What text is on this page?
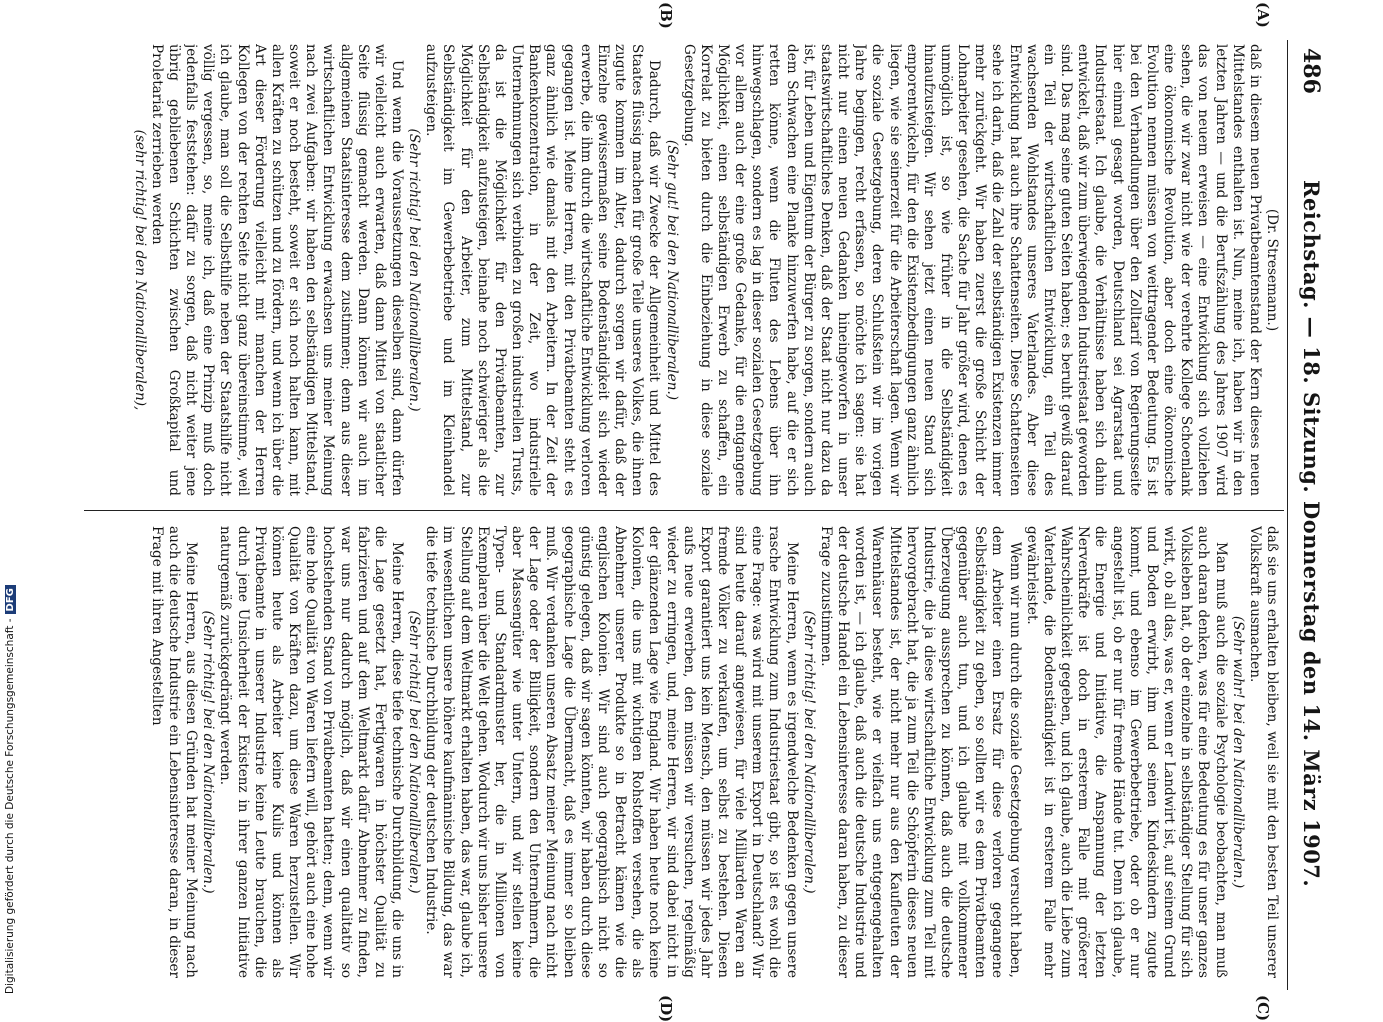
486
Reichstag. — 18. Sitzung. Donnerstag den 14. März 1907.
(A)
(B)
(C)
(D)

(Dr. Stresemann.)

daß in diesem neuen Privatbeamtenstand der Kern dieses neuen Mittelstandes enthalten ist. Nun, meine ich, haben wir in den letzten Jahren — und die Berufszählung des Jahres 1907 wird das von neuem erweisen — eine Entwicklung sich vollziehen sehen, die wir zwar nicht wie der verehrte Kollege Schoenlank eine ökonomische Revolution, aber doch eine ökonomische Evolution nennen müssen von weittragender Bedeutung. Es ist bei den Verhandlungen über den Zolltarif von Regierungsseite hier einmal gesagt worden, Deutschland sei Agrarstaat und Industriestaat. Ich glaube, die Verhältnisse haben sich dahin entwickelt, daß wir zum überwiegenden Industriestaat geworden sind. Das mag seine guten Seiten haben; es beruht gewiß darauf ein Teil der wirtschaftlichen Entwicklung, ein Teil des wachsenden Wohlstandes unseres Vaterlandes. Aber diese Entwicklung hat auch ihre Schattenseiten. Diese Schattenseiten sehe ich darin, daß die Zahl der selbständigen Existenzen immer mehr zurückgeht. Wir haben zuerst die große Schicht der Lohnarbeiter gesehen, die Sache für Jahr größer wird, denen es unmöglich ist, so wie früher in die Selbständigkeit hinaufzusteigen. Wir sehen jetzt einen neuen Stand sich emporentwickeln, für den die Existenzbedingungen ganz ähnlich liegen, wie sie seinerzeit für die Arbeiterschaft lagen. Wenn wir die soziale Gesetzgebung, deren Schlußstein wir im vorigen Jahre begingen, recht erfassen, so möchte ich sagen: sie hat nicht nur einen neuen Gedanken hineingeworfen in unser staatswirtschaftliches Denken, daß der Staat nicht nur dazu da ist, für Leben und Eigentum der Bürger zu sorgen, sondern auch dem Schwachen eine Planke hinzuwerfen habe, auf die er sich retten könne, wenn die Fluten des Lebens über ihn hinwegschlagen, sondern es lag in dieser sozialen Gesetzgebung vor allem auch der eine große Gedanke, für die entgangene Möglichkeit, einen selbständigen Erwerb zu schaffen, ein Korrelat zu bieten durch die Einbeziehung in diese soziale Gesetzgebung.

(Sehr gut! bei den Nationalliberalen.)

Dadurch, daß wir Zwecke der Allgemeinheit und Mittel des Staates flüssig machen für große Teile unseres Volkes, die ihnen zugute kommen im Alter, dadurch sorgen wir dafür, daß der Einzelne gewissermaßen seine Bodenständigkeit sich wieder erwerbe, die ihm durch die wirtschaftliche Entwicklung verloren gegangen ist. Meine Herren, mit den Privatbeamten steht es ganz ähnlich wie damals mit den Arbeitern. In der Zeit der Bankenkonzentration, in der Zeit, wo industrielle Unternehmungen sich verbinden zu großen industriellen Trusts, da ist die Möglichkeit für den Privatbeamten, zur Selbständigkeit aufzusteigen, beinahe noch schwieriger als die Möglichkeit für den Arbeiter, zum Mittelstand, zur Selbständigkeit im Gewerbebetriebe und im Kleinhandel aufzusteigen.

(Sehr richtig! bei den Nationalliberalen.)

Und wenn die Voraussetzungen dieselben sind, dann dürfen wir vielleicht auch erwarten, daß dann Mittel von staatlicher Seite flüssig gemacht werden. Dann können wir auch im allgemeinen Staatsinteresse dem zustimmen; denn aus dieser wirtschaftlichen Entwicklung erwachsen uns meiner Meinung nach zwei Aufgaben: wir haben den selbständigen Mittelstand, soweit er noch besteht, soweit er sich noch halten kann, mit allen Kräften zu schützen und zu fördern, und wenn ich über die Art dieser Förderung vielleicht mit manchen der Herren Kollegen von der rechten Seite nicht ganz übereinstimme, weil ich glaube, man soll die Selbsthilfe neben der Staatshilfe nicht völlig vergessen, so, meine ich, daß eine Prinzip muß doch jedenfalls feststehen: dafür zu sorgen, daß nicht weiter jene übrig gebliebenen Schichten zwischen Großkapital und Proletariat zerrieben werden

(sehr richtig! bei den Nationalliberalen),

daß sie uns erhalten bleiben, weil sie mit den besten Teil unserer Volkskraft ausmachen.

(Sehr wahr! bei den Nationalliberalen.)

Man muß auch die soziale Psychologie beobachten, man muß auch daran denken, was für eine Bedeutung es für unser ganzes Volksleben hat, ob der einzelne in selbständiger Stellung für sich wirkt, ob all das, was er, wenn er Landwirt ist, auf seinem Grund und Boden erwirbt, ihm und seinen Kindeskindern zugute kommt, und ebenso im Gewerbebetriebe, oder ob er nur angestellt ist, ob er nur für fremde Hände tut. Denn ich glaube, die Energie und Initiative, die Anspannung der letzten Nervenkräfte ist doch in ersterem Falle mit größerer Wahrscheinlichkeit gegeben, und ich glaube, auch die Liebe zum Vaterlande, die Bodenständigkeit ist in ersterem Falle mehr gewährleistet.

Wenn wir nun durch die soziale Gesetzgebung versucht haben, dem Arbeiter einen Ersatz für diese verloren gegangene Selbständigkeit zu geben, so sollten wir es dem Privatbeamten gegenüber auch tun, und ich glaube mit vollkommener Überzeugung aussprechen zu können, daß auch die deutsche Industrie, die ja diese wirtschaftliche Entwicklung zum Teil mit hervorgebracht hat, die ja zum Teil die Schöpferin dieses neuen Mittelstandes ist, der nicht mehr nur aus den Kaufleuten der Warenhäuser besteht, wie er vielfach uns entgegengehalten worden ist, — ich glaube, daß auch die deutsche Industrie und der deutsche Handel ein Lebensinteresse daran haben, zu dieser Frage zuzustimmen.

(Sehr richtig! bei den Nationalliberalen.)

Meine Herren, wenn es irgendwelche Bedenken gegen unsere rasche Entwicklung zum Industriestaat gibt, so ist es wohl die eine Frage: was wird mit unserem Export in Deutschland? Wir sind heute darauf angewiesen, für viele Milliarden Waren an fremde Völker zu verkaufen, um selbst zu bestehen. Diesen Export garantiert uns kein Mensch, den müssen wir jedes Jahr aufs neue erwerben, den müssen wir versuchen, regelmäßig wieder zu erringen, und, meine Herren, wir sind dabei nicht in der glänzenden Lage wie England. Wir haben heute noch keine Kolonien, die uns mit wichtigen Rohstoffen versehen, die als Abnehmer unserer Produkte so in Betracht kämen wie die englischen Kolonien. Wir sind auch geographisch nicht so günstig gelegen, daß wir sagen könnten, wir haben durch diese geographische Lage die Übermacht, daß es immer so bleiben muß. Wir verdanken unseren Absatz meiner Meinung nach nicht der Lage oder der Billigkeit, sondern den Unternehmern, die aber Massengüter wie unter Untern, und wir stellen keine Typen- und Standardmuster her, die in Millionen von Exemplaren über die Welt gehen. Wodurch wir uns bisher unsere Stellung auf dem Weltmarkt erhalten haben, das war, glaube ich, im wesentlichen unsere höhere kaufmännische Bildung, das war die tiefe technische Durchbildung der deutschen Industrie.

(Sehr richtig! bei den Nationalliberalen.)

Meine Herren, diese tiefe technische Durchbildung, die uns in die Lage gesetzt hat, Fertigwaren in höchster Qualität zu fabrizieren und auf dem Weltmarkt dafür Abnehmer zu finden, war uns nur dadurch möglich, daß wir einen qualitativ so hochstehenden Stand von Privatbeamten hatten; denn, wenn wir eine hohe Qualität von Waren liefern will, gehört auch eine hohe Qualität von Kräften dazu, um diese Waren herzustellen. Wir können heute als Arbeiter keine Kulis und können als Privatbeamte in unserer Industrie keine Leute brauchen, die durch jene Unsicherheit der Existenz in ihrer ganzen Initiative naturgemäß zurückgedrängt werden.

(Sehr richtig! bei den Nationalliberalen.)

Meine Herren, aus diesen Gründen hat meiner Meinung nach auch die deutsche Industrie ein Lebensinteresse daran, in dieser Frage mit ihren Angestellten

Digitalisierung gefördert durch die Deutsche Forschungsgemeinschaft -DFG
